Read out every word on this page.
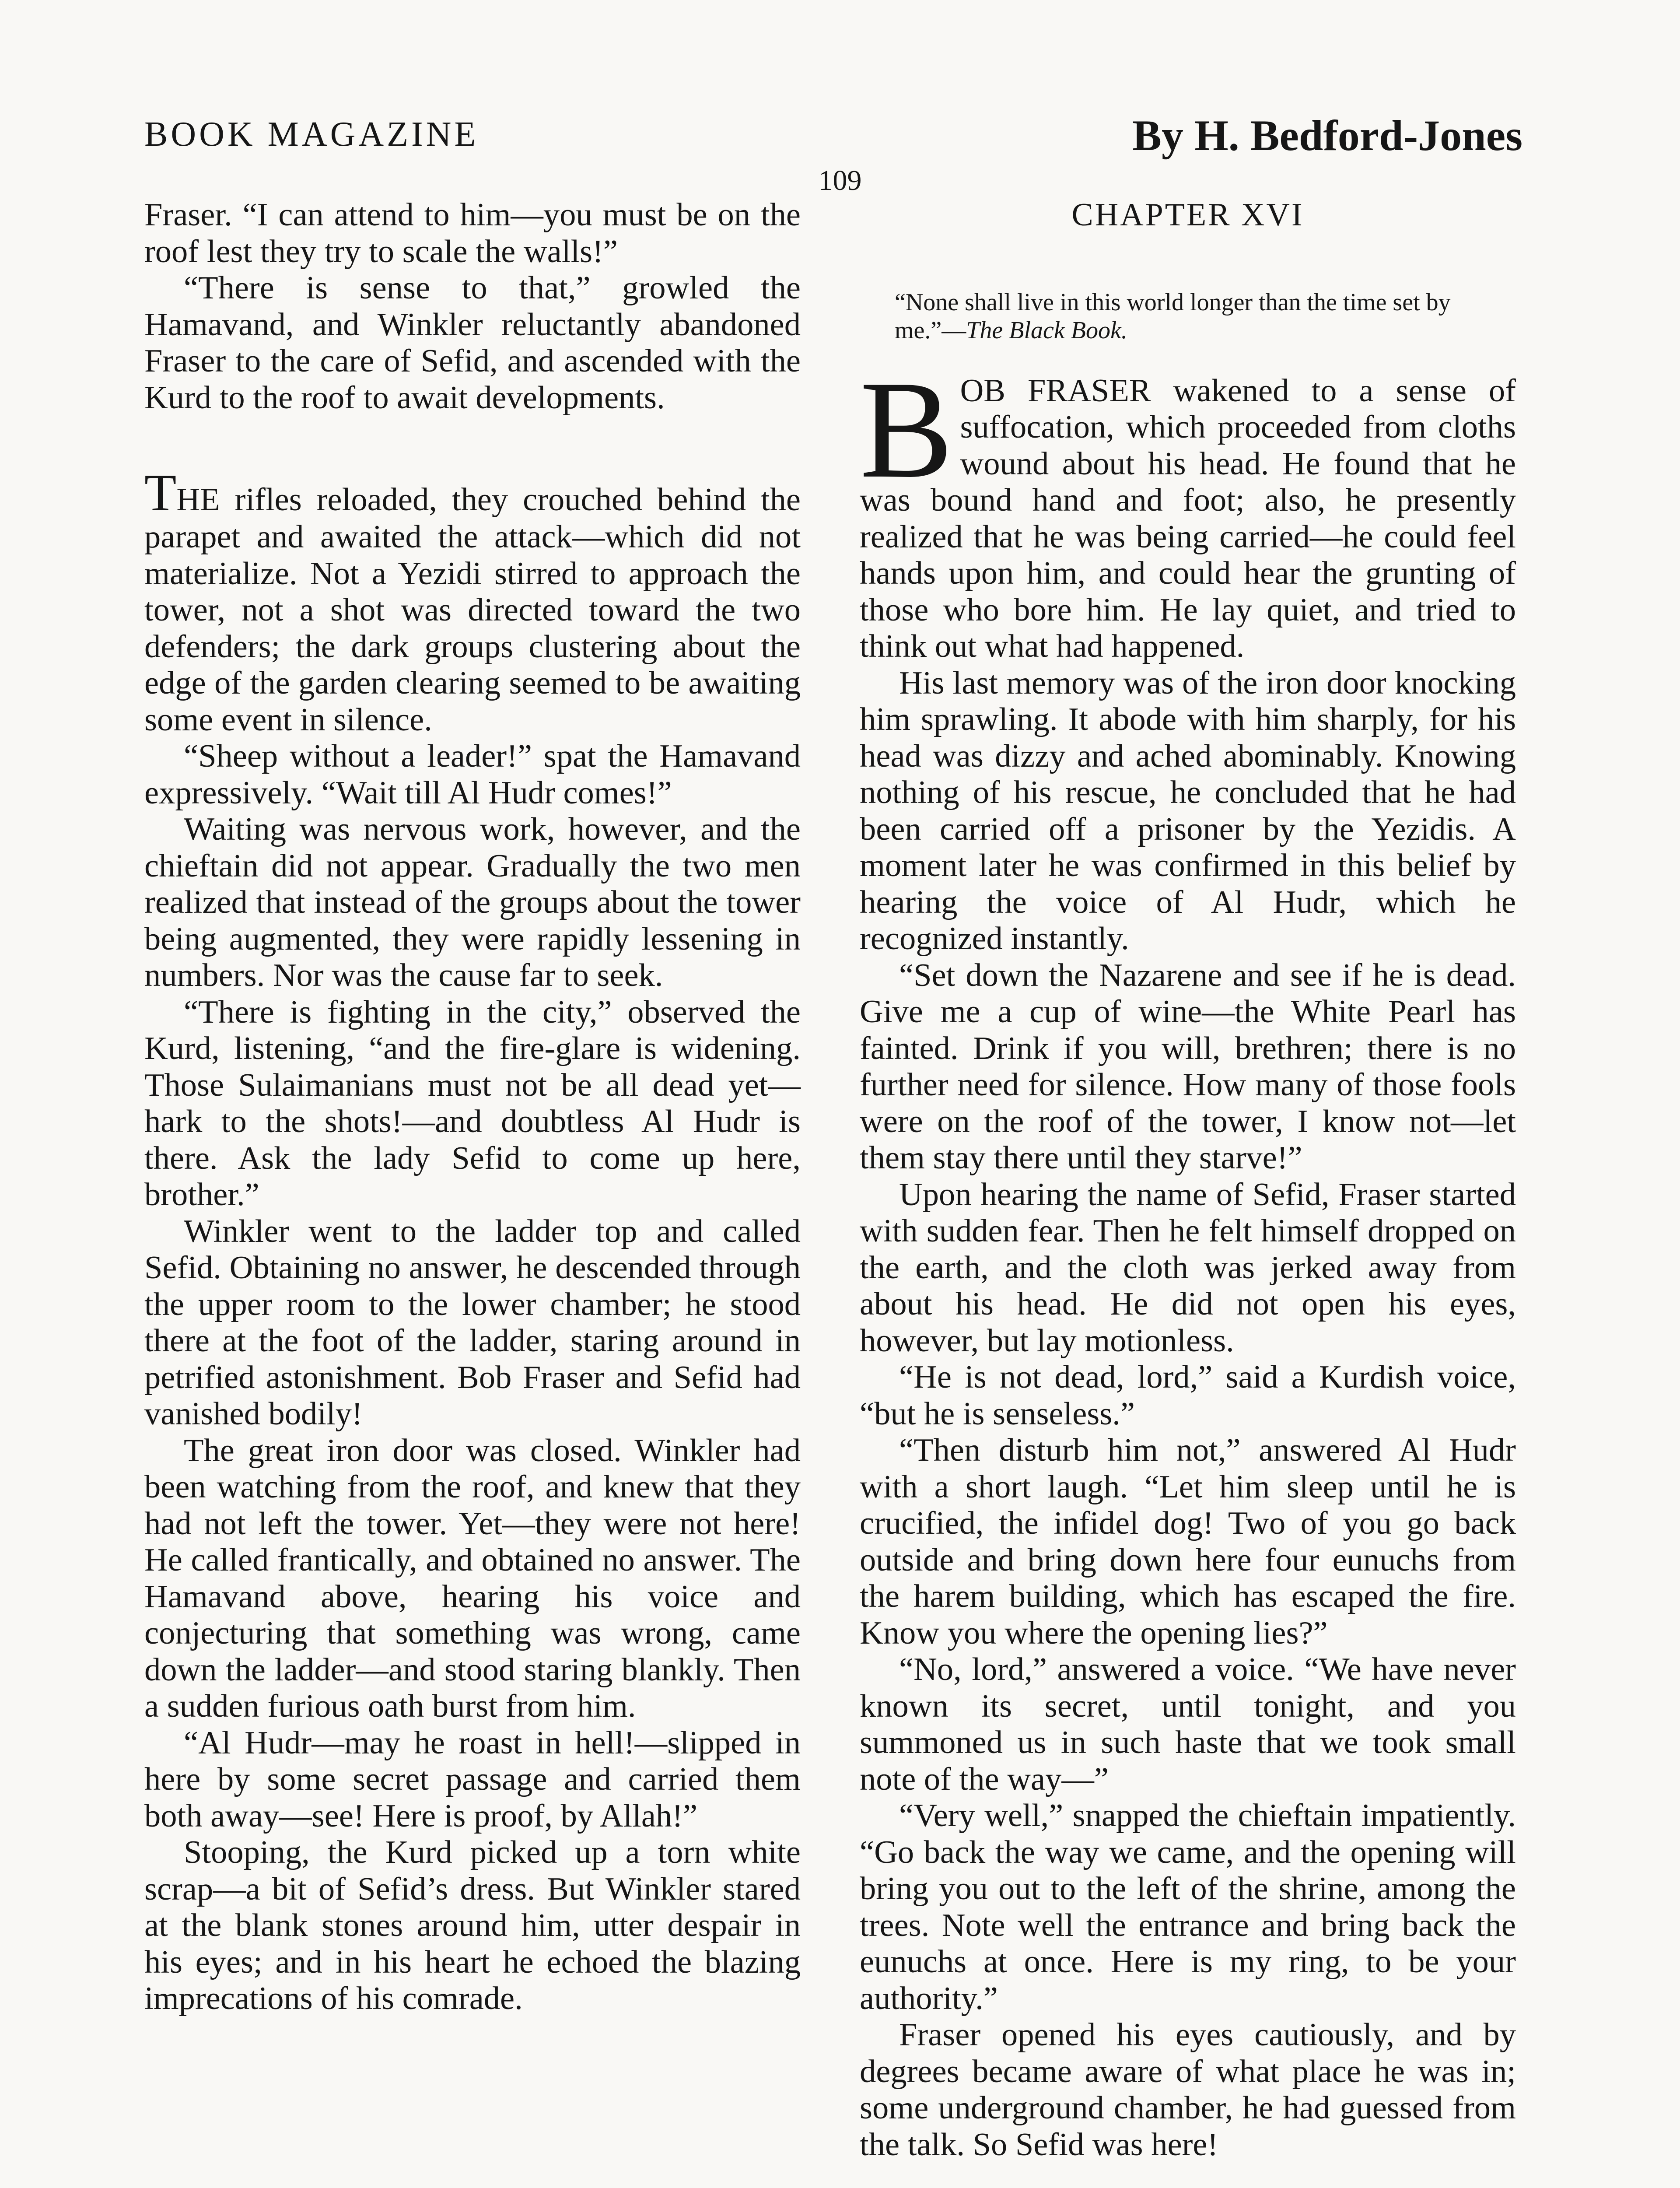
BOOK MAGAZINE	By H. Bedford-Jones
109

Fraser. “I can attend to him—you must be on the roof lest they try to scale the walls!”

“There is sense to that,” growled the Hamavand, and Winkler reluctantly abandoned Fraser to the care of Sefid, and ascended with the Kurd to the roof to await developments.

THE rifles reloaded, they crouched behind the parapet and awaited the attack—which did not materialize. Not a Yezidi stirred to approach the tower, not a shot was directed toward the two defenders; the dark groups clustering about the edge of the garden clearing seemed to be awaiting some event in silence.

“Sheep without a leader!” spat the Hamavand expressively. “Wait till Al Hudr comes!”

Waiting was nervous work, however, and the chieftain did not appear. Gradually the two men realized that instead of the groups about the tower being augmented, they were rapidly lessening in numbers. Nor was the cause far to seek.

“There is fighting in the city,” observed the Kurd, listening, “and the fire-glare is widening. Those Sulaimanians must not be all dead yet—hark to the shots!—and doubtless Al Hudr is there. Ask the lady Sefid to come up here, brother.”

Winkler went to the ladder top and called Sefid. Obtaining no answer, he descended through the upper room to the lower chamber; he stood there at the foot of the ladder, staring around in petrified astonishment. Bob Fraser and Sefid had vanished bodily!

The great iron door was closed. Winkler had been watching from the roof, and knew that they had not left the tower. Yet—they were not here! He called frantically, and obtained no answer. The Hamavand above, hearing his voice and conjecturing that something was wrong, came down the ladder—and stood staring blankly. Then a sudden furious oath burst from him.

“Al Hudr—may he roast in hell!—slipped in here by some secret passage and carried them both away—see! Here is proof, by Allah!”

Stooping, the Kurd picked up a torn white scrap—a bit of Sefid’s dress. But Winkler stared at the blank stones around him, utter despair in his eyes; and in his heart he echoed the blazing imprecations of his comrade.

CHAPTER XVI
“None shall live in this world longer than the time set by me.”—The Black Book.

BOB FRASER wakened to a sense of suffocation, which proceeded from cloths wound about his head. He found that he was bound hand and foot; also, he presently realized that he was being carried—he could feel hands upon him, and could hear the grunting of those who bore him. He lay quiet, and tried to think out what had happened.

His last memory was of the iron door knocking him sprawling. It abode with him sharply, for his head was dizzy and ached abominably. Knowing nothing of his rescue, he concluded that he had been carried off a prisoner by the Yezidis. A moment later he was confirmed in this belief by hearing the voice of Al Hudr, which he recognized instantly.

“Set down the Nazarene and see if he is dead. Give me a cup of wine—the White Pearl has fainted. Drink if you will, brethren; there is no further need for silence. How many of those fools were on the roof of the tower, I know not—let them stay there until they starve!”

Upon hearing the name of Sefid, Fraser started with sudden fear. Then he felt himself dropped on the earth, and the cloth was jerked away from about his head. He did not open his eyes, however, but lay motionless.

“He is not dead, lord,” said a Kurdish voice, “but he is senseless.”

“Then disturb him not,” answered Al Hudr with a short laugh. “Let him sleep until he is crucified, the infidel dog! Two of you go back outside and bring down here four eunuchs from the harem building, which has escaped the fire. Know you where the opening lies?”

“No, lord,” answered a voice. “We have never known its secret, until tonight, and you summoned us in such haste that we took small note of the way—”

“Very well,” snapped the chieftain impatiently. “Go back the way we came, and the opening will bring you out to the left of the shrine, among the trees. Note well the entrance and bring back the eunuchs at once. Here is my ring, to be your authority.”

Fraser opened his eyes cautiously, and by degrees became aware of what place he was in; some underground chamber, he had guessed from the talk. So Sefid was here!
